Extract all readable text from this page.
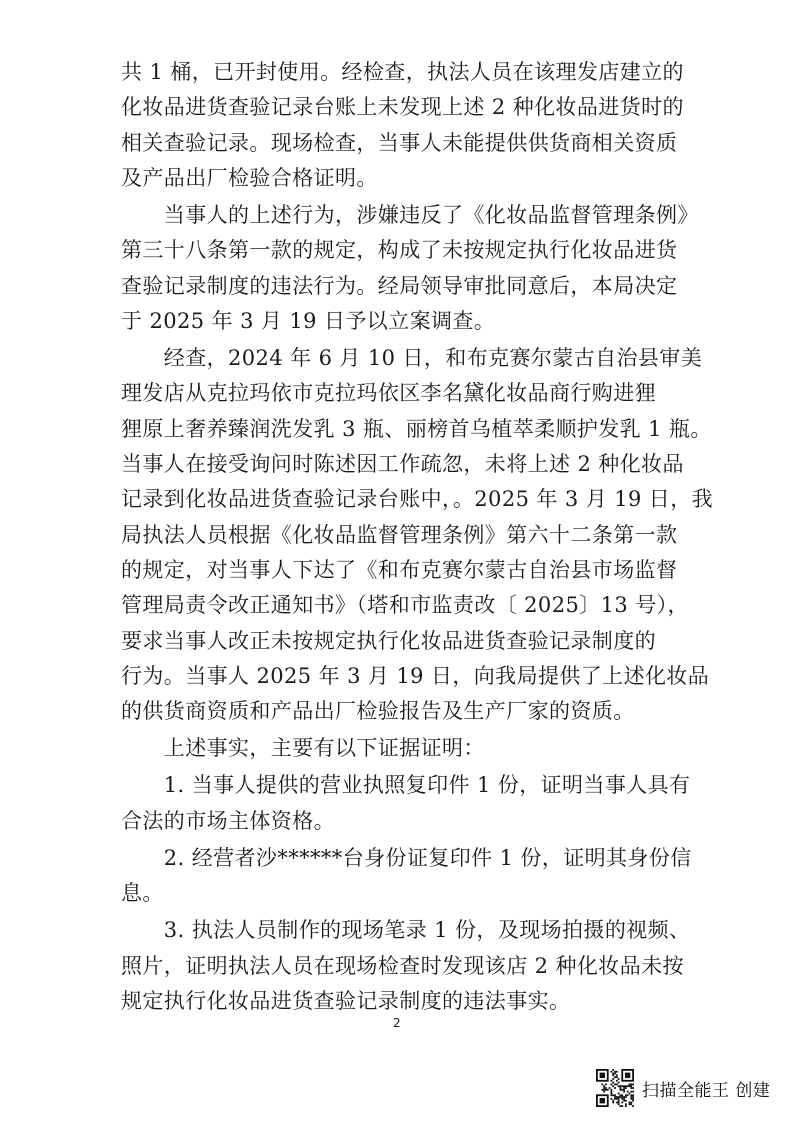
共 1 桶，已开封使用。经检查，执法人员在该理发店建立的
化妆品进货查验记录台账上未发现上述 2 种化妆品进货时的
相关查验记录。现场检查，当事人未能提供供货商相关资质
及产品出厂检验合格证明。
　　当事人的上述行为，涉嫌违反了《化妆品监督管理条例》
第三十八条第一款的规定，构成了未按规定执行化妆品进货
查验记录制度的违法行为。经局领导审批同意后，本局决定
于 2025 年 3 月 19 日予以立案调查。
　　经查，2024 年 6 月 10 日，和布克赛尔蒙古自治县审美
理发店从克拉玛依市克拉玛依区李名黛化妆品商行购进狸
狸原上奢养臻润洗发乳 3 瓶、丽榜首乌植萃柔顺护发乳 1 瓶。
当事人在接受询问时陈述因工作疏忽，未将上述 2 种化妆品
记录到化妆品进货查验记录台账中，。2025 年 3 月 19 日，我
局执法人员根据《化妆品监督管理条例》第六十二条第一款
的规定，对当事人下达了《和布克赛尔蒙古自治县市场监督
管理局责令改正通知书》（塔和市监责改〔 2025〕13 号），
要求当事人改正未按规定执行化妆品进货查验记录制度的
行为。当事人 2025 年 3 月 19 日，向我局提供了上述化妆品
的供货商资质和产品出厂检验报告及生产厂家的资质。
　　上述事实，主要有以下证据证明：
　　1. 当事人提供的营业执照复印件 1 份，证明当事人具有
合法的市场主体资格。
　　2. 经营者沙******台身份证复印件 1 份，证明其身份信
息。
　　3. 执法人员制作的现场笔录 1 份，及现场拍摄的视频、
照片，证明执法人员在现场检查时发现该店 2 种化妆品未按
规定执行化妆品进货查验记录制度的违法事实。
2
扫描全能王 创建
